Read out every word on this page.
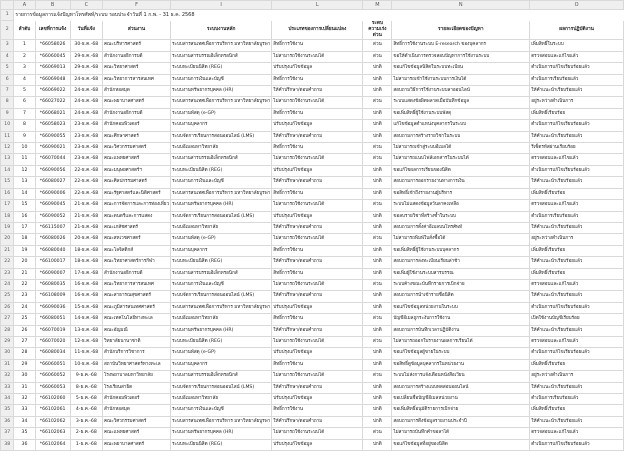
	A	B	C	F	I	L	M	N	O
1	รายการข้อมูลการแจ้งปัญหาโทรศัพท์/ระบบ รอบประจำวันที่ 1 ก.พ. - 31 ธ.ค. 2568								
2	ลำดับ	เลขที่การแจ้ง	วันที่แจ้ง	ส่วนงาน	ระบบงานหลัก	ประเภทของการเปลี่ยนแปลง	ระดับความเร่งด่วน	รายละเอียดของปัญหา	ผลการปฏิบัติงาน
3	1	*66058026	30-ธ.ค.-68	คณะบริหารศาสตร์	ระบบสารสนเทศเพื่อการบริหาร มหาวิทยาลัยบูรพา	สิทธิ์การใช้งาน	ด่วน	สิทธิ์การใช้งานระบบ E-research ของบุคลากร	เพิ่มสิทธิ์ในระบบ
4	2	*66060045	29-ธ.ค.-68	สำนักงานอธิการบดี	ระบบงานสารบรรณอิเล็กทรอนิกส์	ไม่สามารถใช้งานระบบได้	ด่วน	ขอให้ดำเนินการตรวจสอบปัญหาการใช้งานระบบ	ตรวจสอบและแก้ไขแล้ว
5	3	*66069013	29-ธ.ค.-68	คณะวิทยาศาสตร์	ระบบทะเบียนนิสิต (REG)	ปรับปรุงแก้ไขข้อมูล	ปกติ	ขอแก้ไขข้อมูลนิสิตในระบบทะเบียน	ดำเนินการแก้ไขเรียบร้อยแล้ว
6	4	*66069048	24-ธ.ค.-68	คณะวิทยาการสารสนเทศ	ระบบงานการเงินและบัญชี	สิทธิ์การใช้งาน	ปกติ	ไม่สามารถเข้าใช้งานระบบการเงินได้	ดำเนินการเรียบร้อยแล้ว
7	5	*66069022	24-ธ.ค.-68	สำนักหอสมุด	ระบบงานทรัพยากรบุคคล (HR)	ให้คำปรึกษา/ตอบคำถาม	ปกติ	สอบถามวิธีการใช้งานระบบลาออนไลน์	ให้คำแนะนำเรียบร้อยแล้ว
8	6	*66027022	24-ธ.ค.-68	คณะพยาบาลศาสตร์	ระบบสารสนเทศเพื่อการบริหาร มหาวิทยาลัยบูรพา	ไม่สามารถใช้งานระบบได้	ด่วน	ระบบแสดงข้อผิดพลาดเมื่อบันทึกข้อมูล	อยู่ระหว่างดำเนินการ
9	7	*66068021	24-ธ.ค.-68	สำนักงานอธิการบดี	ระบบงานพัสดุ (e-GP)	สิทธิ์การใช้งาน	ปกติ	ขอเพิ่มสิทธิ์ผู้ใช้งานระบบพัสดุ	เพิ่มสิทธิ์เรียบร้อย
10	8	*66058023	23-ธ.ค.-68	สำนักคอมพิวเตอร์	ระบบงานบุคลากร	ปรับปรุงแก้ไขข้อมูล	ปกติ	แก้ไขข้อมูลตำแหน่งบุคลากรในระบบ	ดำเนินการแก้ไขเรียบร้อยแล้ว
11	9	*66090055	23-ธ.ค.-68	คณะศึกษาศาสตร์	ระบบจัดการเรียนการสอนออนไลน์ (LMS)	ให้คำปรึกษา/ตอบคำถาม	ปกติ	สอบถามการสร้างรายวิชาในระบบ	ให้คำแนะนำเรียบร้อยแล้ว
12	10	*66090021	23-ธ.ค.-68	คณะวิศวกรรมศาสตร์	ระบบอีเมลมหาวิทยาลัย	สิทธิ์การใช้งาน	ด่วน	ไม่สามารถเข้าสู่ระบบอีเมลได้	รีเซ็ตรหัสผ่านเรียบร้อย
13	11	*66070044	23-ธ.ค.-68	คณะแพทยศาสตร์	ระบบงานสารบรรณอิเล็กทรอนิกส์	ไม่สามารถใช้งานระบบได้	ด่วน	ไม่สามารถแนบไฟล์เอกสารในระบบได้	ตรวจสอบและแก้ไขแล้ว
14	12	*66090056	22-ธ.ค.-68	คณะมนุษยศาสตร์ฯ	ระบบทะเบียนนิสิต (REG)	ปรับปรุงแก้ไขข้อมูล	ปกติ	ขอแก้ไขผลการเรียนของนิสิต	ดำเนินการแก้ไขเรียบร้อยแล้ว
15	13	*66080027	22-ธ.ค.-68	คณะศิลปกรรมศาสตร์	ระบบงานการเงินและบัญชี	ให้คำปรึกษา/ตอบคำถาม	ปกติ	สอบถามการออกรายงานทางการเงิน	ให้คำแนะนำเรียบร้อยแล้ว
16	14	*66090006	22-ธ.ค.-68	คณะรัฐศาสตร์และนิติศาสตร์	ระบบสารสนเทศเพื่อการบริหาร มหาวิทยาลัยบูรพา	สิทธิ์การใช้งาน	ปกติ	ขอสิทธิ์เข้าถึงรายงานผู้บริหาร	เพิ่มสิทธิ์เรียบร้อย
17	15	*66090045	21-ธ.ค.-68	คณะการจัดการและการท่องเที่ยว	ระบบงานทรัพยากรบุคคล (HR)	ไม่สามารถใช้งานระบบได้	ด่วน	ระบบไม่แสดงข้อมูลวันลาคงเหลือ	ตรวจสอบและแก้ไขแล้ว
18	16	*66090052	21-ธ.ค.-68	คณะดนตรีและการแสดง	ระบบจัดการเรียนการสอนออนไลน์ (LMS)	ปรับปรุงแก้ไขข้อมูล	ปกติ	ขอลบรายวิชาที่สร้างซ้ำในระบบ	ดำเนินการเรียบร้อยแล้ว
19	17	*66115007	21-ธ.ค.-68	คณะเภสัชศาสตร์	ระบบอีเมลมหาวิทยาลัย	ให้คำปรึกษา/ตอบคำถาม	ปกติ	สอบถามการตั้งค่าอีเมลบนโทรศัพท์	ให้คำแนะนำเรียบร้อยแล้ว
20	18	*66080026	20-ธ.ค.-68	คณะสหเวชศาสตร์	ระบบงานพัสดุ (e-GP)	ไม่สามารถใช้งานระบบได้	ด่วน	ไม่สามารถพิมพ์ใบสั่งซื้อได้	อยู่ระหว่างดำเนินการ
21	19	*66080040	18-ธ.ค.-68	คณะโลจิสติกส์	ระบบงานบุคลากร	สิทธิ์การใช้งาน	ปกติ	ขอเพิ่มสิทธิ์ผู้ใช้งานระบบบุคลากร	เพิ่มสิทธิ์เรียบร้อย
22	20	*66100017	18-ธ.ค.-68	คณะวิทยาศาสตร์การกีฬา	ระบบทะเบียนนิสิต (REG)	ให้คำปรึกษา/ตอบคำถาม	ปกติ	สอบถามการลงทะเบียนเรียนล่าช้า	ให้คำแนะนำเรียบร้อยแล้ว
23	21	*66090007	17-ธ.ค.-68	สำนักงานอธิการบดี	ระบบงานสารบรรณอิเล็กทรอนิกส์	สิทธิ์การใช้งาน	ปกติ	ขอเพิ่มผู้ใช้งานระบบสารบรรณ	เพิ่มสิทธิ์เรียบร้อย
24	22	*66080035	16-ธ.ค.-68	คณะวิทยาการสารสนเทศ	ระบบงานการเงินและบัญชี	ไม่สามารถใช้งานระบบได้	ด่วน	ระบบค้างขณะบันทึกรายการเบิกจ่าย	ตรวจสอบและแก้ไขแล้ว
25	23	*66108009	16-ธ.ค.-68	คณะสาธารณสุขศาสตร์	ระบบจัดการเรียนการสอนออนไลน์ (LMS)	ให้คำปรึกษา/ตอบคำถาม	ปกติ	สอบถามการนำเข้ารายชื่อนิสิต	ให้คำแนะนำเรียบร้อยแล้ว
26	24	*66090036	15-ธ.ค.-68	คณะภูมิสารสนเทศศาสตร์	ระบบสารสนเทศเพื่อการบริหาร มหาวิทยาลัยบูรพา	ปรับปรุงแก้ไขข้อมูล	ปกติ	ขอแก้ไขข้อมูลหน่วยงานในระบบ	ดำเนินการแก้ไขเรียบร้อยแล้ว
27	25	*66080051	14-ธ.ค.-68	คณะเทคโนโลยีทางทะเล	ระบบอีเมลมหาวิทยาลัย	สิทธิ์การใช้งาน	ด่วน	บัญชีอีเมลถูกระงับการใช้งาน	เปิดใช้งานบัญชีเรียบร้อย
28	26	*66070019	13-ธ.ค.-68	คณะอัญมณี	ระบบงานทรัพยากรบุคคล (HR)	ให้คำปรึกษา/ตอบคำถาม	ปกติ	สอบถามการบันทึกเวลาปฏิบัติงาน	ให้คำแนะนำเรียบร้อยแล้ว
29	27	*66070020	12-ธ.ค.-68	วิทยาลัยนานาชาติ	ระบบทะเบียนนิสิต (REG)	ไม่สามารถใช้งานระบบได้	ด่วน	ไม่สามารถออกใบรายงานผลการเรียนได้	ตรวจสอบและแก้ไขแล้ว
30	28	*66080034	11-ธ.ค.-68	สำนักบริการวิชาการ	ระบบงานพัสดุ (e-GP)	ปรับปรุงแก้ไขข้อมูล	ปกติ	ขอแก้ไขข้อมูลผู้ขายในระบบ	ดำเนินการแก้ไขเรียบร้อยแล้ว
31	29	*66060051	10-ธ.ค.-68	สถาบันวิทยาศาสตร์ทางทะเล	ระบบงานบุคลากร	สิทธิ์การใช้งาน	ปกติ	ขอสิทธิ์ดูข้อมูลบุคลากรในหน่วยงาน	เพิ่มสิทธิ์เรียบร้อย
32	30	*66060052	9-ธ.ค.-68	โรงพยาบาลมหาวิทยาลัย	ระบบงานสารบรรณอิเล็กทรอนิกส์	ไม่สามารถใช้งานระบบได้	ด่วน	ระบบไม่ส่งการแจ้งเตือนหนังสือเวียน	อยู่ระหว่างดำเนินการ
33	31	*66060053	8-ธ.ค.-68	โรงเรียนสาธิต	ระบบจัดการเรียนการสอนออนไลน์ (LMS)	ให้คำปรึกษา/ตอบคำถาม	ปกติ	สอบถามการสร้างแบบทดสอบออนไลน์	ให้คำแนะนำเรียบร้อยแล้ว
34	32	*66102060	5-ธ.ค.-68	สำนักคอมพิวเตอร์	ระบบอีเมลมหาวิทยาลัย	ปรับปรุงแก้ไขข้อมูล	ปกติ	ขอเปลี่ยนชื่อบัญชีอีเมลหน่วยงาน	ดำเนินการเรียบร้อยแล้ว
35	33	*66102061	4-ธ.ค.-68	สำนักหอสมุด	ระบบงานการเงินและบัญชี	สิทธิ์การใช้งาน	ปกติ	ขอเพิ่มสิทธิ์อนุมัติรายการเบิกจ่าย	เพิ่มสิทธิ์เรียบร้อย
36	34	*66102062	3-ธ.ค.-68	คณะวิศวกรรมศาสตร์	ระบบสารสนเทศเพื่อการบริหาร มหาวิทยาลัยบูรพา	ให้คำปรึกษา/ตอบคำถาม	ปกติ	สอบถามการดึงข้อมูลรายงานประจำปี	ให้คำแนะนำเรียบร้อยแล้ว
37	35	*66102063	2-ธ.ค.-68	คณะแพทยศาสตร์	ระบบงานทรัพยากรบุคคล (HR)	ไม่สามารถใช้งานระบบได้	ด่วน	ไม่สามารถบันทึกคำขอลาได้	ตรวจสอบและแก้ไขแล้ว
38	36	*66102064	1-ธ.ค.-68	คณะพยาบาลศาสตร์	ระบบทะเบียนนิสิต (REG)	ปรับปรุงแก้ไขข้อมูล	ปกติ	ขอแก้ไขข้อมูลที่อยู่ของนิสิต	ดำเนินการแก้ไขเรียบร้อยแล้ว
